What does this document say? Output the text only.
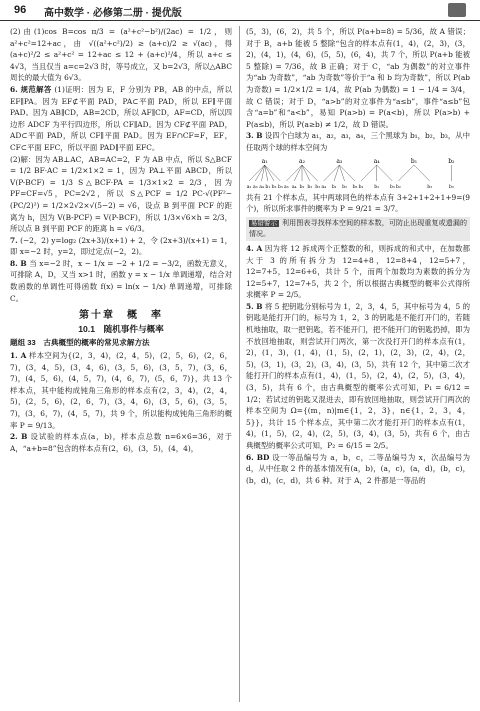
96 高中数学 · 必修第二册 · 提优版

(2)由(1)cos B=cos π/3 = (a²+c²−b²)/(2ac) = 1/2，则 a²+c²=12+ac，由 √((a²+c²)/2) ≥ (a+c)/2 ≥ √(ac)，得 (a+c)²/2 ≤ a²+c² = 12+ac ≤ 12 + (a+c)²/4，所以 a+c ≤ 4√3，当且仅当 a=c=2√3 时，等号成立，又 b=2√3，所以△ABC 周长的最大值为 6√3。

6. 规范解答 (1)证明：因为 E，F 分别为 PB，AB 的中点，所以 EF∥PA。因为 EF⊄平面 PAD，PA⊂平面 PAD，所以 EF∥平面 PAD。因为 AB∥CD，AB=2CD，所以 AF∥CD，AF=CD，所以四边形 ADCF 为平行四边形，所以 CF∥AD。因为 CF⊄平面 PAD，AD⊂平面 PAD，所以 CF∥平面 PAD。因为 EF∩CF=F，EF，CF⊂平面 EFC，所以平面 PAD∥平面 EFC。

(2)解：因为 AB⊥AC，AB=AC=2，F 为 AB 中点，所以 S△BCF = 1/2 BF·AC = 1/2×1×2 = 1，因为 PA⊥平面 ABCD，所以 V(P-BCF) = 1/3 S△BCF·PA = 1/3×1×2 = 2/3，因为 PF=CF=√5，PC=2√2，所以 S△PCF = 1/2 PC·√(PF²−(PC/2)²) = 1/2×2√2×√(5−2) = √6，设点 B 到平面 PCF 的距离为 h，因为 V(B-PCF) = V(P-BCF)，所以 1/3×√6×h = 2/3，所以点 B 到平面 PCF 的距离 h = √6/3。

7. (−2，2) y=log₂ (2x+3)/(x+1) + 2，令 (2x+3)/(x+1) = 1，即 x=−2 时，y=2，即过定点(−2，2)。

8. B 当 x=−2 时，x − 1/x = −2 + 1/2 = −3/2，函数无意义，可排除 A，D，又当 x>1 时，函数 y = x − 1/x 单调递增，结合对数函数的单调性可得函数 f(x) = ln(x − 1/x) 单调递增，可排除 C。

第十章　概　率
10.1　随机事件与概率
题组 33　古典概型的概率的常见求解方法

1. A 样本空间为{(2，3，4)，(2，4，5)，(2，5，6)，(2，6，7)，(3，4，5)，(3，4，6)，(3，5，6)，(3，5，7)，(3，6，7)，(4，5，6)，(4，5，7)，(4，6，7)，(5，6，7)}，共 13 个样本点，其中能构成钝角三角形的样本点有(2，3，4)，(2，4，5)，(2，5，6)，(2，6，7)，(3，4，6)，(3，5，6)，(3，5，7)，(3，6，7)，(4，5，7)，共 9 个，所以能构成钝角三角形的概率 P = 9/13。

2. B 设试验的样本点(a，b)，样本点总数 n=6×6=36，对于 A，“a+b=8”包含的样本点有(2，6)，(3，5)，(4，4)，

(5，3)，(6，2)，共 5 个，所以 P(a+b=8) = 5/36，故 A 错误；对于 B，a+b 能被 5 整除“包含的样本点有(1，4)，(2，3)，(3，2)，(4，1)，(4，6)，(5，5)，(6，4)，共 7 个，所以 P(a+b 能被 5 整除) = 7/36，故 B 正确；对于 C，“ab 为偶数”的对立事件为“ab 为奇数”，“ab 为奇数”等价于“a 和 b 均为奇数”，所以 P(ab 为奇数) = 1/2×1/2 = 1/4，故 P(ab 为偶数) = 1 − 1/4 = 3/4，故 C 错误；对于 D，“a>b”的对立事件为“a≤b”，事件“a≤b”包含“a=b”和“a<b”，易知 P(a>b) = P(a<b)，所以 P(a>b) + P(a≤b)，所以 P(a≥b) ≠ 1/2，故 D 错误。

3. B 设四个白球为 a₁，a₂，a₃，a₄，三个黑球为 b₁，b₂，b₃，从中任取两个球的样本空间为

a₁
a₂ a₃ a₄ b₁ b₂ b₃
a₂
a₃ a₄ b₁ b₂ b₃
a₃
a₄ b₁ b₂ b₃
a₄
b₁ b₂ b₃
b₁
b₂	b₃
b₂
b₃

共有 21 个样本点，其中两球同色的样本点有 3+2+1+2+1+9=(9 个)，所以所求事件的概率为 P = 9/21 = 3/7。

易错警示 利用图表寻找样本空间的样本数，可防止出现重复或遗漏的情况。

4. A 因为将 12 拆成两个正整数的和，则拆成的和式中，在加数都大于 3 的所有拆分为 12=4+8，12=8+4，12=5+7，12=7+5，12=6+6，共计 5 个，而两个加数均为素数的拆分为 12=5+7，12=7+5，共 2 个，所以根据古典概型的概率公式得所求概率 P = 2/5。

5. B 将 5 把钥匙分别标号为 1，2，3，4，5，其中标号为 4，5 的钥匙是能打开门的，标号为 1，2，3 的钥匙是不能打开门的，若随机地抽取，取一把钥匙，若不能开门，把不能开门的钥匙扔掉，即为不放回地抽取，则尝试开门两次，第一次没打开门的样本点有(1，2)，(1，3)，(1，4)，(1，5)，(2，1)，(2，3)，(2，4)，(2，5)，(3，1)，(3，2)，(3，4)，(3，5)，共有 12 个，其中第二次才能打开门的样本点有(1，4)，(1，5)，(2，4)，(2，5)，(3，4)，(3，5)，共有 6 个，由古典概型的概率公式可知，P₁ = 6/12 = 1/2；若试过的钥匙又混进去，即有放回地抽取，则尝试开门两次的样本空间为 Ω={(m，n)|m∈{1，2，3}，n∈{1，2，3，4，5}}，共计 15 个样本点，其中第二次才能打开门的样本点有(1，4)，(1，5)，(2，4)，(2，5)，(3，4)，(3，5)，共有 6 个，由古典概型的概率公式可知，P₂ = 6/15 = 2/5。

6. BD 设一等品编号为 a，b，c，二等品编号为 x，次品编号为 d，从中任取 2 件的基本情况有(a，b)，(a，c)，(a，d)，(b，c)，(b，d)，(c，d)，共 6 种。对于 A，2 件都是一等品的
